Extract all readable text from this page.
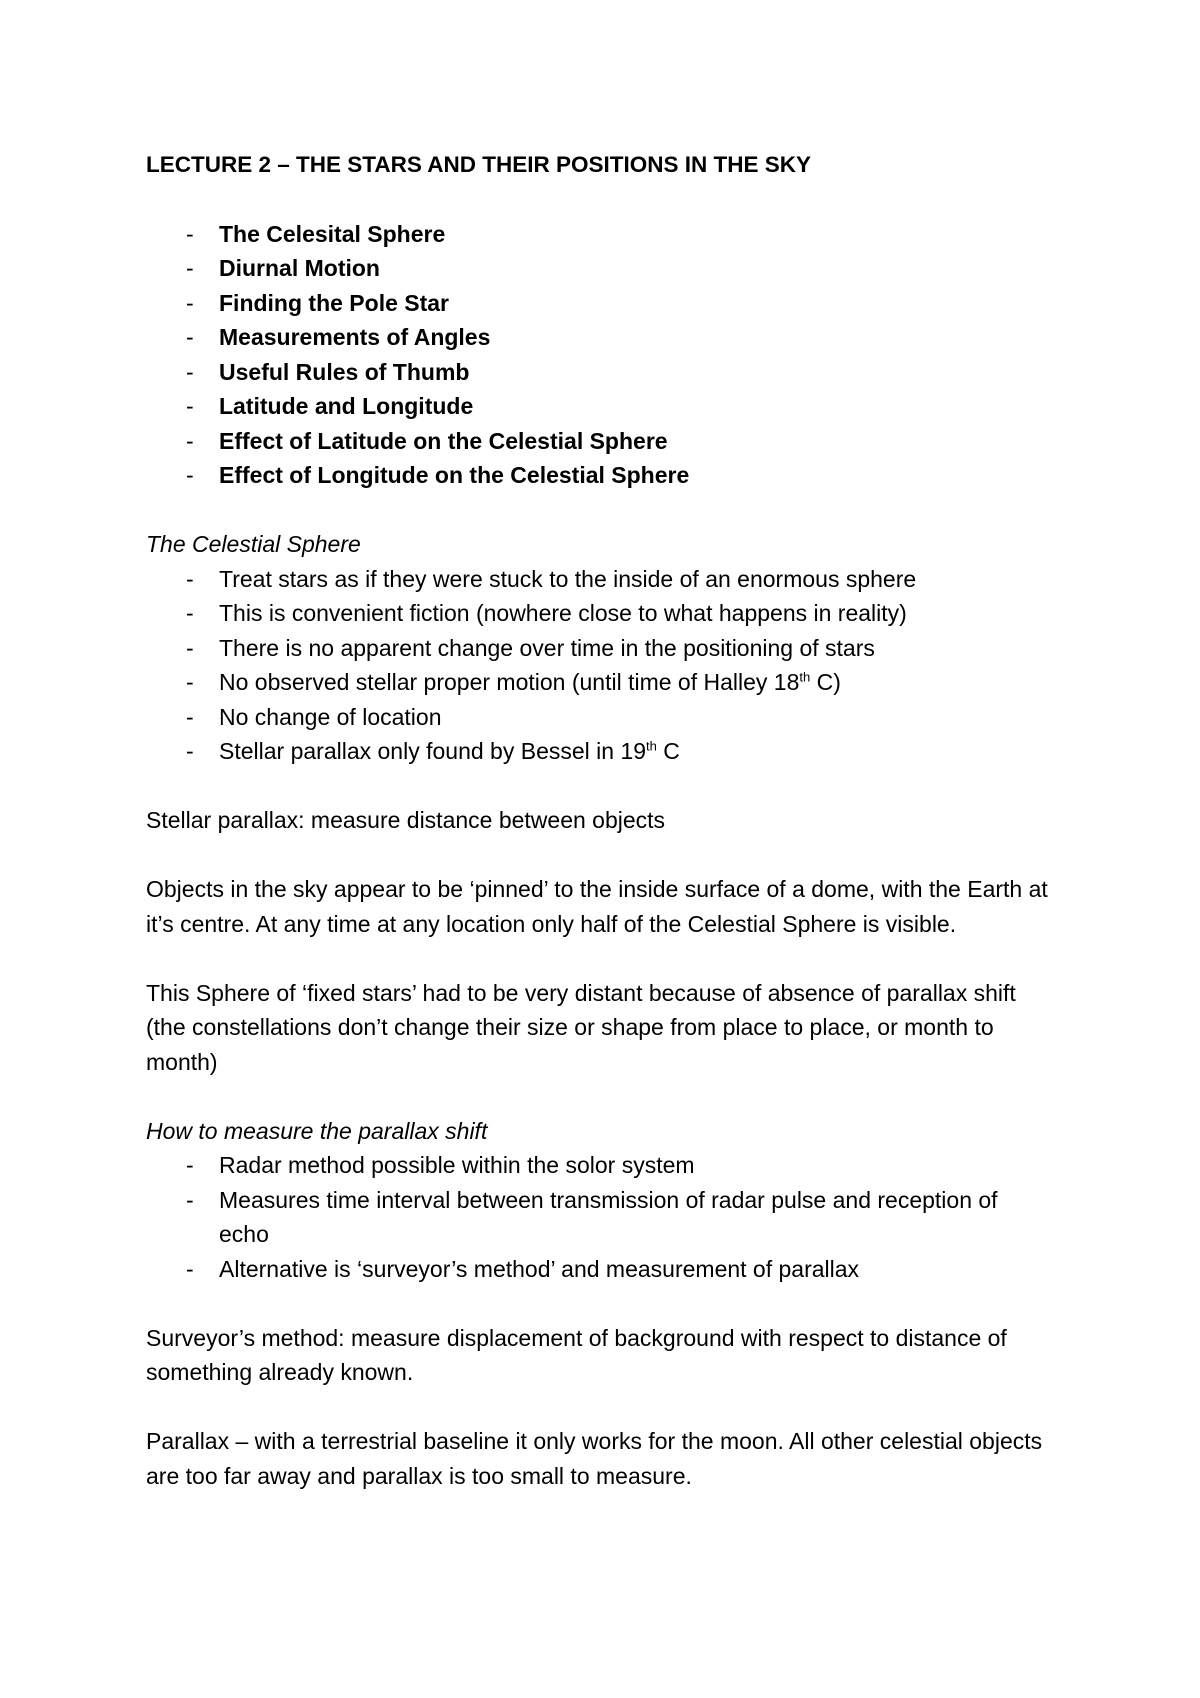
LECTURE 2 – THE STARS AND THEIR POSITIONS IN THE SKY
- The Celesital Sphere
- Diurnal Motion
- Finding the Pole Star
- Measurements of Angles
- Useful Rules of Thumb
- Latitude and Longitude
- Effect of Latitude on the Celestial Sphere
- Effect of Longitude on the Celestial Sphere

The Celestial Sphere

- Treat stars as if they were stuck to the inside of an enormous sphere
- This is convenient fiction (nowhere close to what happens in reality)
- There is no apparent change over time in the positioning of stars
- No observed stellar proper motion (until time of Halley 18th C)
- No change of location
- Stellar parallax only found by Bessel in 19th C

Stellar parallax: measure distance between objects

Objects in the sky appear to be ‘pinned’ to the inside surface of a dome, with the Earth at it’s centre. At any time at any location only half of the Celestial Sphere is visible.

This Sphere of ‘fixed stars’ had to be very distant because of absence of parallax shift (the constellations don’t change their size or shape from place to place, or month to month)

How to measure the parallax shift

- Radar method possible within the solor system
- Measures time interval between transmission of radar pulse and reception of echo
- Alternative is ‘surveyor’s method’ and measurement of parallax

Surveyor’s method: measure displacement of background with respect to distance of something already known.

Parallax – with a terrestrial baseline it only works for the moon. All other celestial objects are too far away and parallax is too small to measure.
